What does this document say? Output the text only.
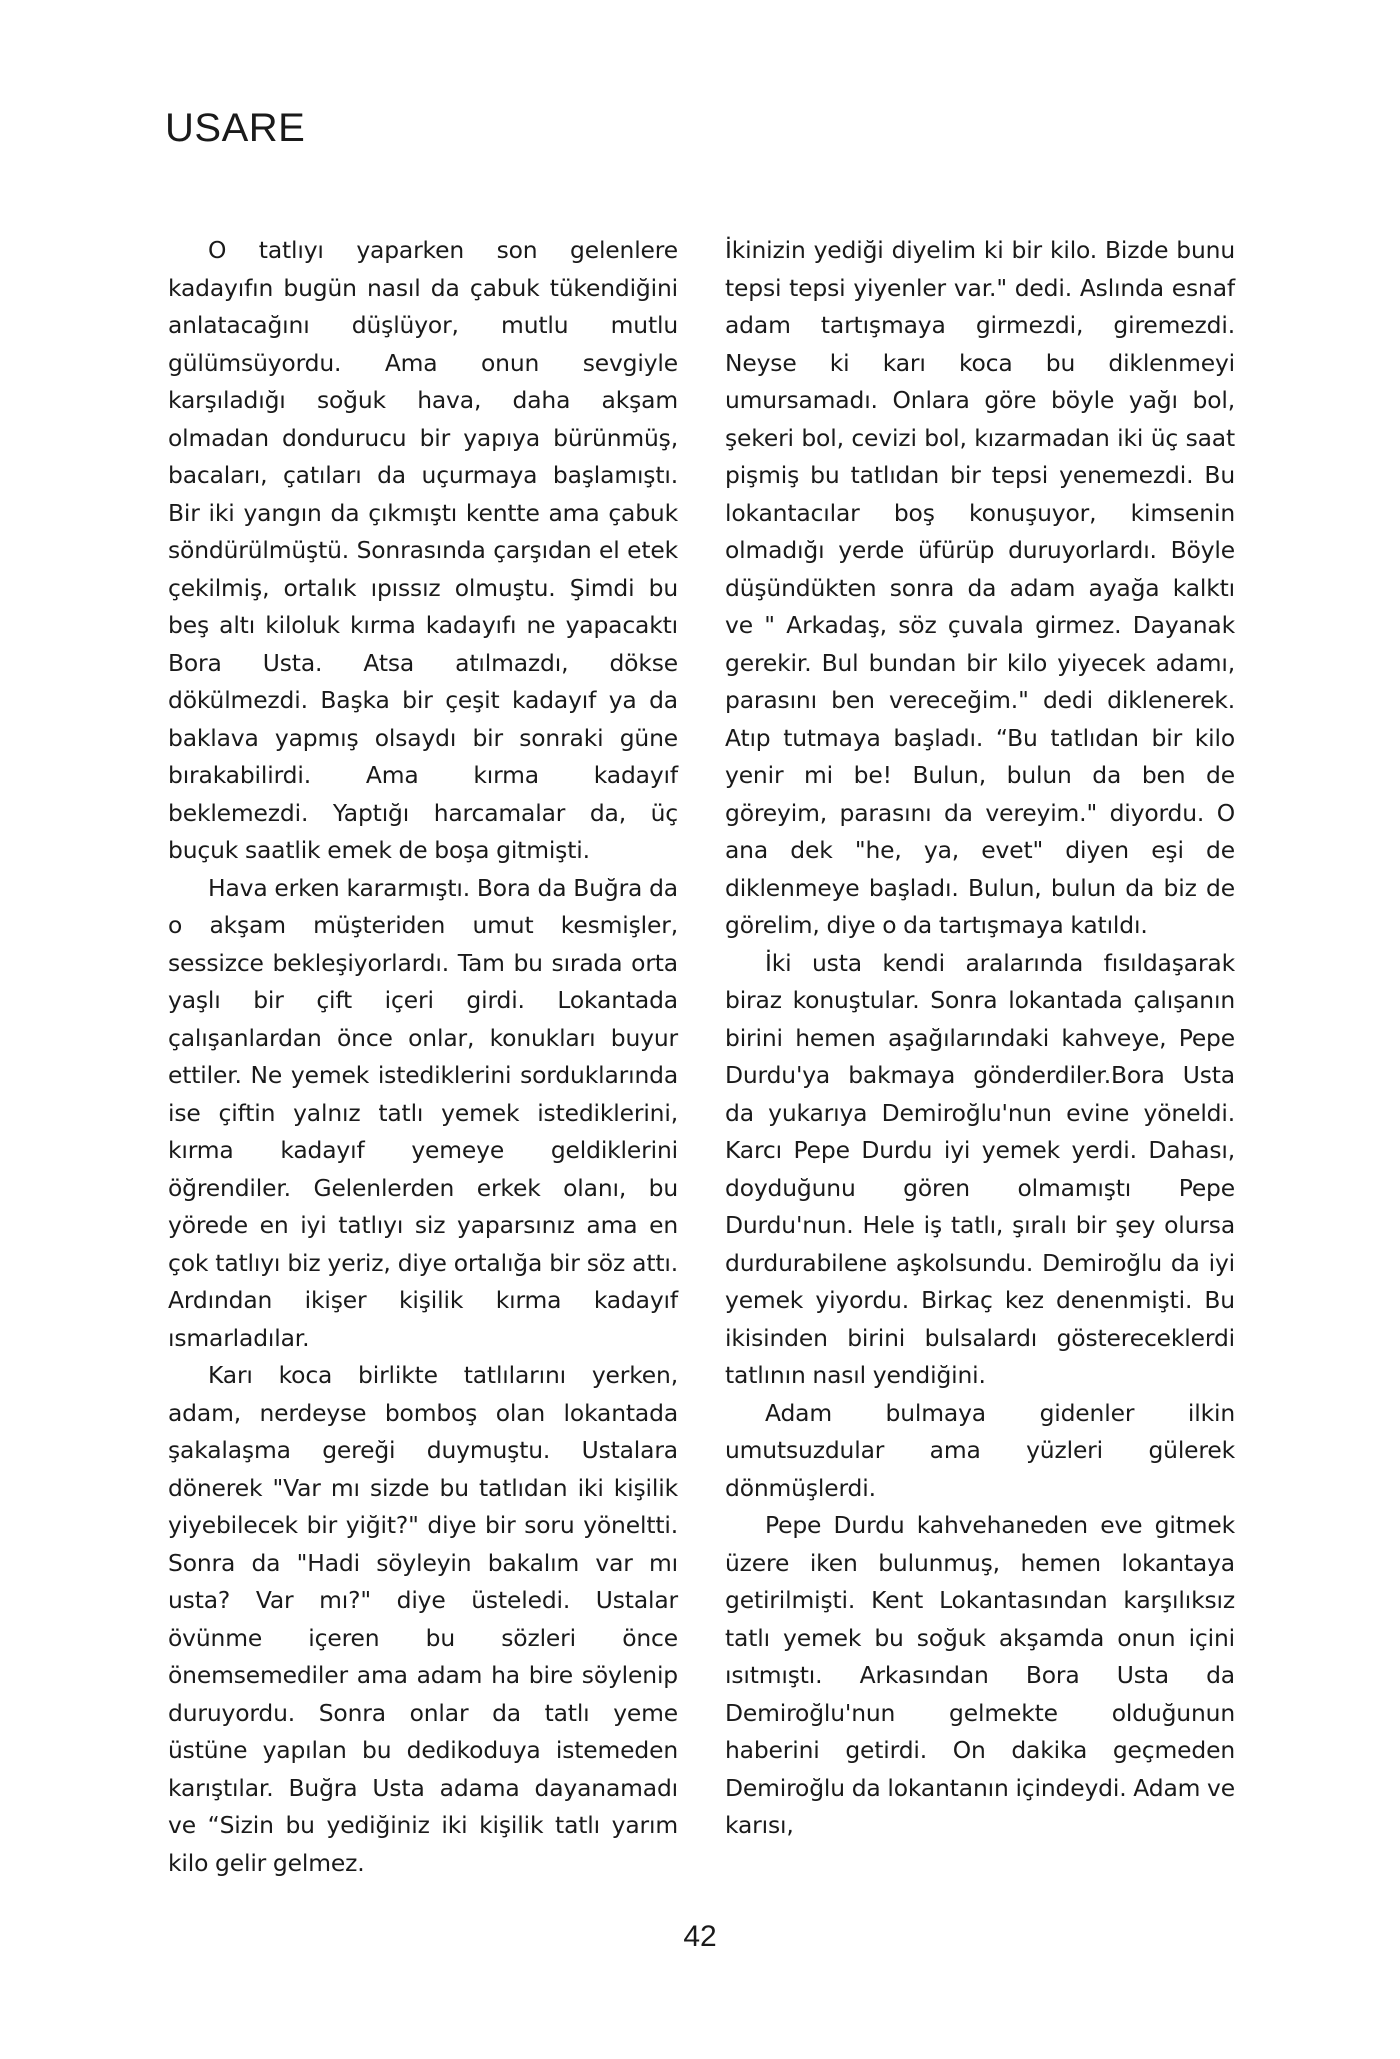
USARE

O tatlıyı yaparken son gelenlere kadayıfın bugün nasıl da çabuk tükendiğini anlatacağını düşlüyor, mutlu mutlu gülümsüyordu. Ama onun sevgiyle karşıladığı soğuk hava, daha akşam olmadan dondurucu bir yapıya bürünmüş, bacaları, çatıları da uçurmaya başlamıştı. Bir iki yangın da çıkmıştı kentte ama çabuk söndürülmüştü. Sonrasında çarşıdan el etek çekilmiş, ortalık ıpıssız olmuştu. Şimdi bu beş altı kiloluk kırma kadayıfı ne yapacaktı Bora Usta. Atsa atılmazdı, dökse dökülmezdi. Başka bir çeşit kadayıf ya da baklava yapmış olsaydı bir sonraki güne bırakabilirdi. Ama kırma kadayıf beklemezdi. Yaptığı harcamalar da, üç buçuk saatlik emek de boşa gitmişti.

Hava erken kararmıştı. Bora da Buğra da o akşam müşteriden umut kesmişler, sessizce bekleşiyorlardı. Tam bu sırada orta yaşlı bir çift içeri girdi. Lokantada çalışanlardan önce onlar, konukları buyur ettiler. Ne yemek istediklerini sorduklarında ise çiftin yalnız tatlı yemek istediklerini, kırma kadayıf yemeye geldiklerini öğrendiler. Gelenlerden erkek olanı, bu yörede en iyi tatlıyı siz yaparsınız ama en çok tatlıyı biz yeriz, diye ortalığa bir söz attı. Ardından ikişer kişilik kırma kadayıf ısmarladılar.

Karı koca birlikte tatlılarını yerken, adam, nerdeyse bomboş olan lokantada şakalaşma gereği duymuştu. Ustalara dönerek "Var mı sizde bu tatlıdan iki kişilik yiyebilecek bir yiğit?" diye bir soru yöneltti. Sonra da "Hadi söyleyin bakalım var mı usta? Var mı?" diye üsteledi. Ustalar övünme içeren bu sözleri önce önemsemediler ama adam ha bire söylenip duruyordu. Sonra onlar da tatlı yeme üstüne yapılan bu dedikoduya istemeden karıştılar. Buğra Usta adama dayanamadı ve “Sizin bu yediğiniz iki kişilik tatlı yarım kilo gelir gelmez.

İkinizin yediği diyelim ki bir kilo. Bizde bunu tepsi tepsi yiyenler var." dedi. Aslında esnaf adam tartışmaya girmezdi, giremezdi. Neyse ki karı koca bu diklenmeyi umursamadı. Onlara göre böyle yağı bol, şekeri bol, cevizi bol, kızarmadan iki üç saat pişmiş bu tatlıdan bir tepsi yenemezdi. Bu lokantacılar boş konuşuyor, kimsenin olmadığı yerde üfürüp duruyorlardı. Böyle düşündükten sonra da adam ayağa kalktı ve " Arkadaş, söz çuvala girmez. Dayanak gerekir. Bul bundan bir kilo yiyecek adamı, parasını ben vereceğim." dedi diklenerek. Atıp tutmaya başladı. “Bu tatlıdan bir kilo yenir mi be! Bulun, bulun da ben de göreyim, parasını da vereyim." diyordu. O ana dek "he, ya, evet" diyen eşi de diklenmeye başladı. Bulun, bulun da biz de görelim, diye o da tartışmaya katıldı.

İki usta kendi aralarında fısıldaşarak biraz konuştular. Sonra lokantada çalışanın birini hemen aşağılarındaki kahveye, Pepe Durdu'ya bakmaya gönderdiler.Bora Usta da yukarıya Demiroğlu'nun evine yöneldi. Karcı Pepe Durdu iyi yemek yerdi. Dahası, doyduğunu gören olmamıştı Pepe Durdu'nun. Hele iş tatlı, şıralı bir şey olursa durdurabilene aşkolsundu. Demiroğlu da iyi yemek yiyordu. Birkaç kez denenmişti. Bu ikisinden birini bulsalardı göstereceklerdi tatlının nasıl yendiğini.

Adam bulmaya gidenler ilkin umutsuzdular ama yüzleri gülerek dönmüşlerdi.

Pepe Durdu kahvehaneden eve gitmek üzere iken bulunmuş, hemen lokantaya getirilmişti. Kent Lokantasından karşılıksız tatlı yemek bu soğuk akşamda onun içini ısıtmıştı. Arkasından Bora Usta da Demiroğlu'nun gelmekte olduğunun haberini getirdi. On dakika geçmeden Demiroğlu da lokantanın içindeydi. Adam ve karısı,

42
